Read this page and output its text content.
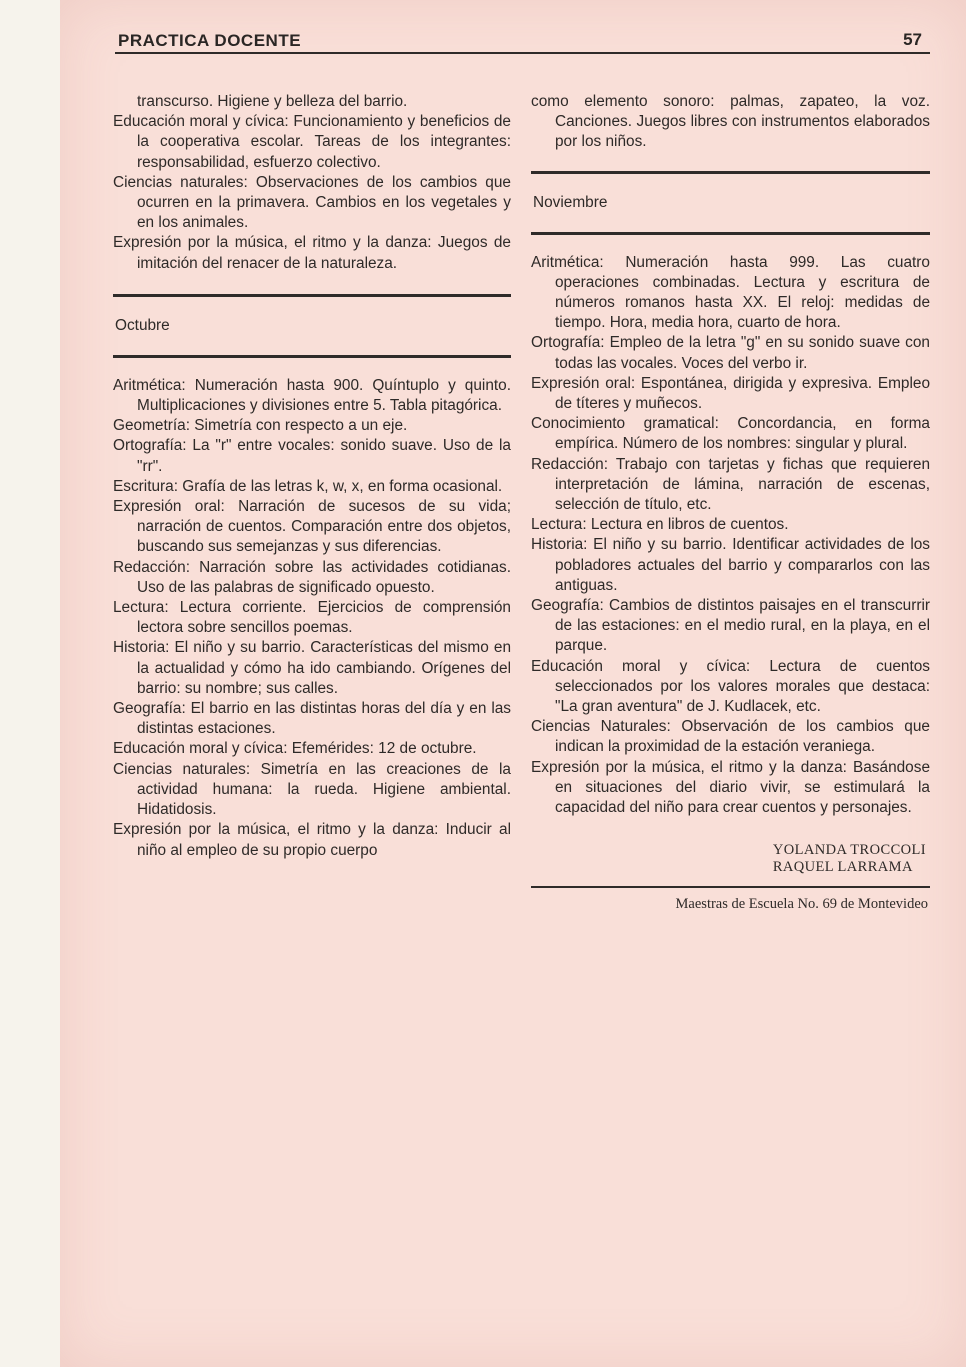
PRACTICA DOCENTE	57

transcurso. Higiene y belleza del barrio.

Educación moral y cívica: Funcionamiento y beneficios de la cooperativa escolar. Tareas de los integrantes: responsabilidad, esfuerzo colectivo.

Ciencias naturales: Observaciones de los cambios que ocurren en la primavera. Cambios en los vegetales y en los animales.

Expresión por la música, el ritmo y la danza: Juegos de imitación del renacer de la naturaleza.

Octubre

Aritmética: Numeración hasta 900. Quíntuplo y quinto. Multiplicaciones y divisiones entre 5. Tabla pitagórica.

Geometría: Simetría con respecto a un eje.

Ortografía: La "r" entre vocales: sonido suave. Uso de la "rr".

Escritura: Grafía de las letras k, w, x, en forma ocasional.

Expresión oral: Narración de sucesos de su vida; narración de cuentos. Comparación entre dos objetos, buscando sus semejanzas y sus diferencias.

Redacción: Narración sobre las actividades cotidianas. Uso de las palabras de significado opuesto.

Lectura: Lectura corriente. Ejercicios de comprensión lectora sobre sencillos poemas.

Historia: El niño y su barrio. Características del mismo en la actualidad y cómo ha ido cambiando. Orígenes del barrio: su nombre; sus calles.

Geografía: El barrio en las distintas horas del día y en las distintas estaciones.

Educación moral y cívica: Efemérides: 12 de octubre.

Ciencias naturales: Simetría en las creaciones de la actividad humana: la rueda. Higiene ambiental. Hidatidosis.

Expresión por la música, el ritmo y la danza: Inducir al niño al empleo de su propio cuerpo

como elemento sonoro: palmas, zapateo, la voz. Canciones. Juegos libres con instrumentos elaborados por los niños.

Noviembre

Aritmética: Numeración hasta 999. Las cuatro operaciones combinadas. Lectura y escritura de números romanos hasta XX. El reloj: medidas de tiempo. Hora, media hora, cuarto de hora.

Ortografía: Empleo de la letra "g" en su sonido suave con todas las vocales. Voces del verbo ir.

Expresión oral: Espontánea, dirigida y expresiva. Empleo de títeres y muñecos.

Conocimiento gramatical: Concordancia, en forma empírica. Número de los nombres: singular y plural.

Redacción: Trabajo con tarjetas y fichas que requieren interpretación de lámina, narración de escenas, selección de título, etc.

Lectura: Lectura en libros de cuentos.

Historia: El niño y su barrio. Identificar actividades de los pobladores actuales del barrio y compararlos con las antiguas.

Geografía: Cambios de distintos paisajes en el transcurrir de las estaciones: en el medio rural, en la playa, en el parque.

Educación moral y cívica: Lectura de cuentos seleccionados por los valores morales que destaca: "La gran aventura" de J. Kudlacek, etc.

Ciencias Naturales: Observación de los cambios que indican la proximidad de la estación veraniega.

Expresión por la música, el ritmo y la danza: Basándose en situaciones del diario vivir, se estimulará la capacidad del niño para crear cuentos y personajes.

YOLANDA TROCCOLI
RAQUEL LARRAMA
Maestras de Escuela No. 69 de Montevideo
